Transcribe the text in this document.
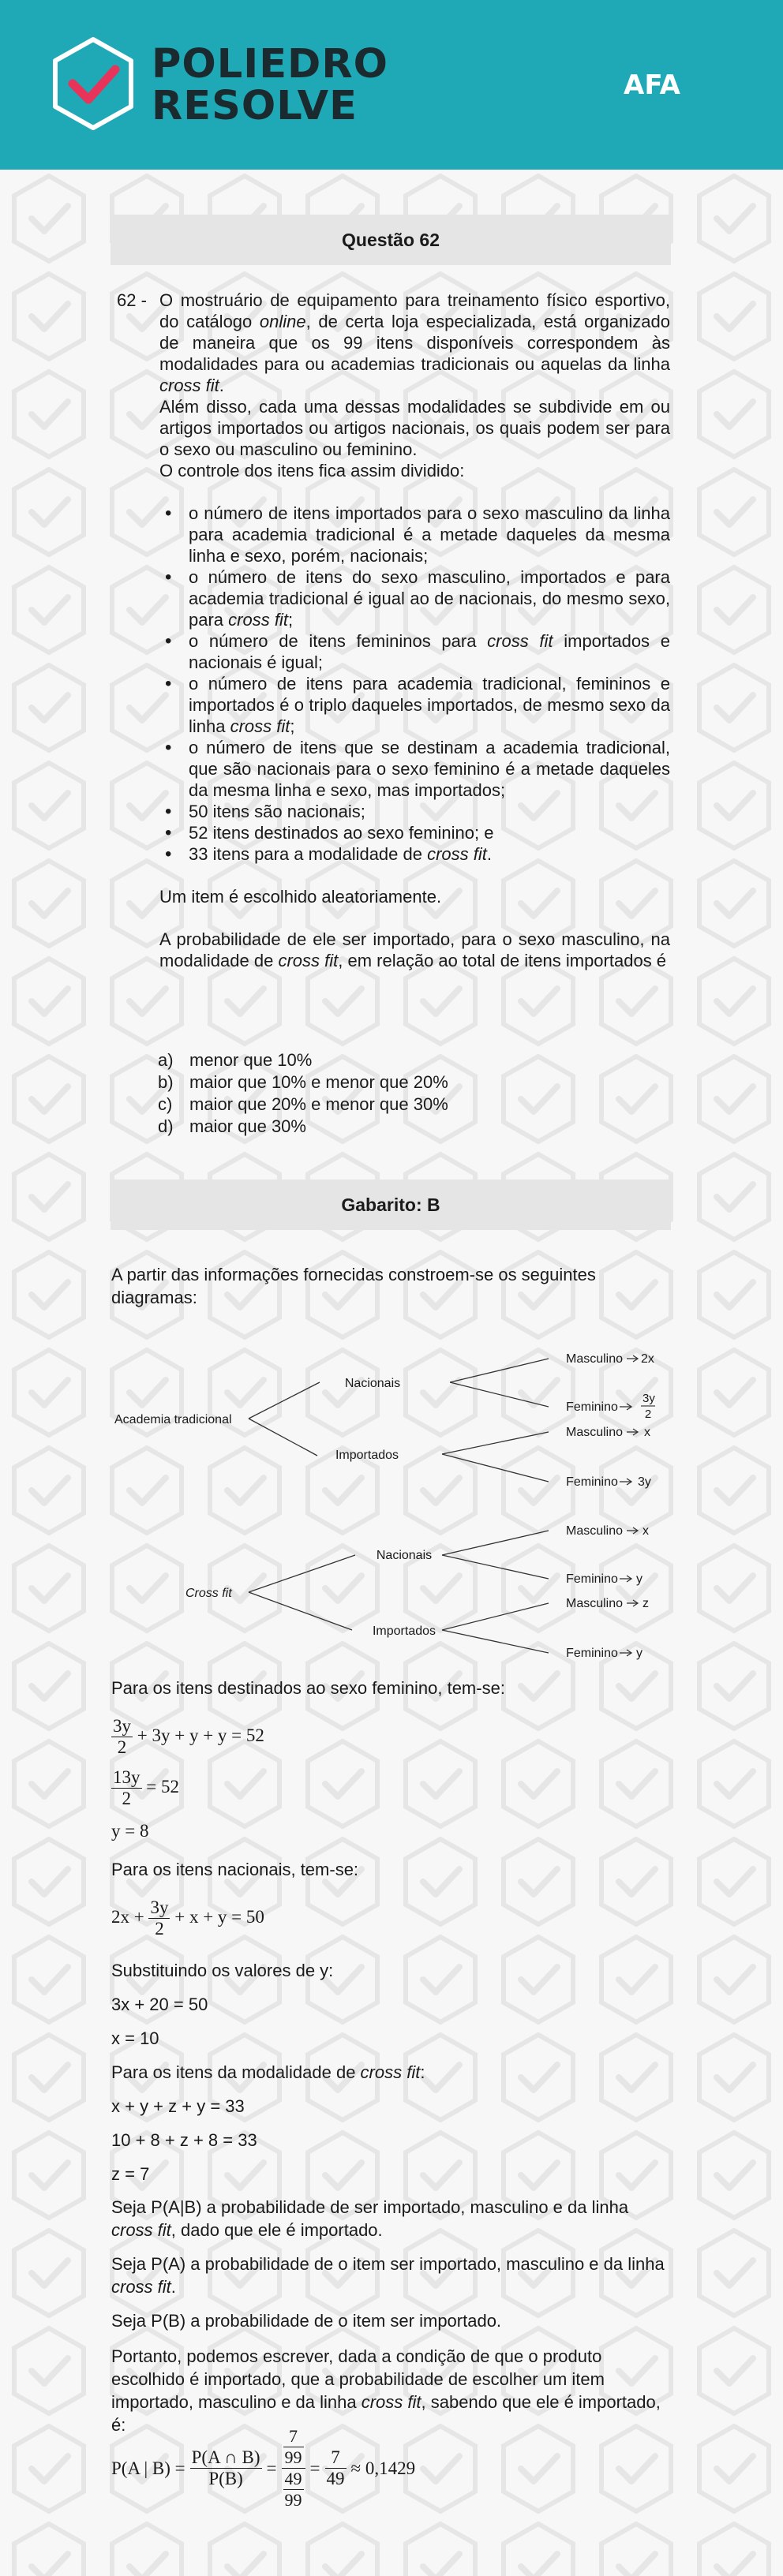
POLIEDRO
RESOLVE	AFA
Questão 62
62 - O mostruário de equipamento para treinamento físico esportivo, do catálogo online, de certa loja especializada, está organizado de maneira que os 99 itens disponíveis correspondem às modalidades para ou academias tradicionais ou aquelas da linha cross fit.

Além disso, cada uma dessas modalidades se subdivide em ou artigos importados ou artigos nacionais, os quais podem ser para o sexo ou masculino ou feminino.

O controle dos itens fica assim dividido:

• o número de itens importados para o sexo masculino da linha para academia tradicional é a metade daqueles da mesma linha e sexo, porém, nacionais;
• o número de itens do sexo masculino, importados e para academia tradicional é igual ao de nacionais, do mesmo sexo, para cross fit;
• o número de itens femininos para cross fit importados e nacionais é igual;
• o número de itens para academia tradicional, femininos e importados é o triplo daqueles importados, de mesmo sexo da linha cross fit;
• o número de itens que se destinam a academia tradicional, que são nacionais para o sexo feminino é a metade daqueles da mesma linha e sexo, mas importados;
• 50 itens são nacionais;
• 52 itens destinados ao sexo feminino; e
• 33 itens para a modalidade de cross fit.

Um item é escolhido aleatoriamente.

A probabilidade de ele ser importado, para o sexo masculino, na modalidade de cross fit, em relação ao total de itens importados é

a) menor que 10%
b) maior que 10% e menor que 20%
c) maior que 20% e menor que 30%
d) maior que 30%
Gabarito: B
A partir das informações fornecidas constroem-se os seguintes diagramas:
Academia tradicional
Nacionais
Importados
Masculino
Feminino
Masculino
Feminino
2x
3y
2
x
3y
Cross fit
Nacionais
Importados
Masculino
Feminino
Masculino
Feminino
x
y
z
y
Para os itens destinados ao sexo feminino, tem-se:
$\frac{3y}{2} + 3y + y + y = 52$
$\frac{13y}{2} = 52$
y = 8
Para os itens nacionais, tem-se:
$2x + \frac{3y}{2} + x + y = 50$
Substituindo os valores de y:
3x + 20 = 50
x = 10
Para os itens da modalidade de cross fit:
x + y + z + y = 33
10 + 8 + z + 8 = 33
z = 7
Seja P(A|B) a probabilidade de ser importado, masculino e da linha cross fit, dado que ele é importado.
Seja P(A) a probabilidade de o item ser importado, masculino e da linha cross fit.
Seja P(B) a probabilidade de o item ser importado.
Portanto, podemos escrever, dada a condição de que o produto escolhido é importado, que a probabilidade de escolher um item importado, masculino e da linha cross fit, sabendo que ele é importado, é:
P(A | $B) = \frac{P(A \cap B)}{P(B)} = \frac{\frac{7}{99}}{\frac{49}{99}} = \frac{7}{49} \approx 0,1429$
